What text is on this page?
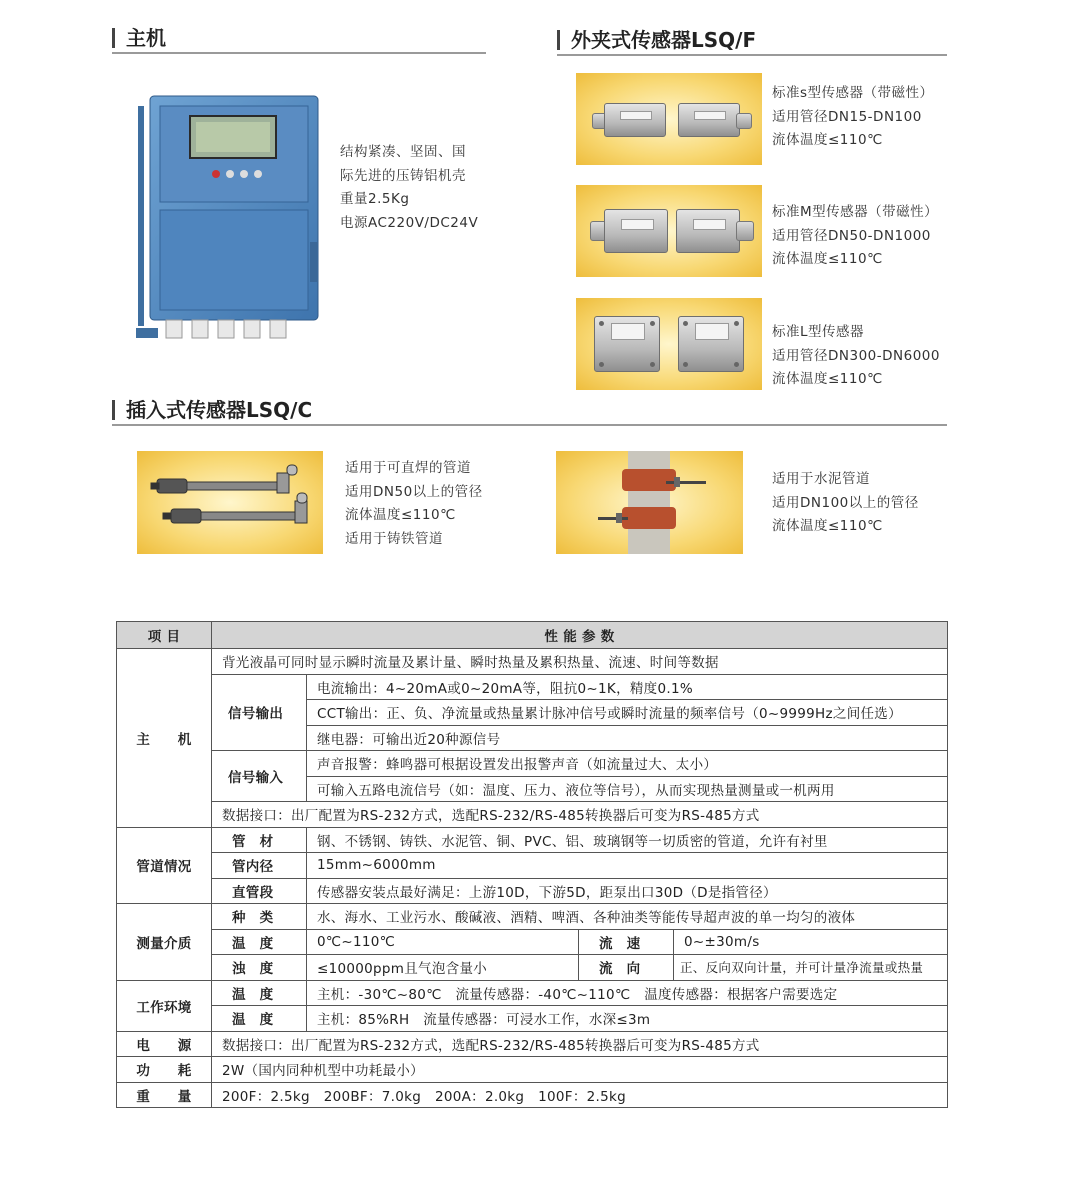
主机	外夹式传感器LSQ/F
结构紧凑、坚固、国
际先进的压铸铝机壳
重量2.5Kg
电源AC220V/DC24V
标准s型传感器（带磁性）
适用管径DN15-DN100
流体温度≤110℃
标准M型传感器（带磁性）
适用管径DN50-DN1000
流体温度≤110℃
标准L型传感器
适用管径DN300-DN6000
流体温度≤110℃
插入式传感器LSQ/C
适用于可直焊的管道
适用DN50以上的管径
流体温度≤110℃
适用于铸铁管道
适用于水泥管道
适用DN100以上的管径
流体温度≤110℃
项 目	性 能 参 数			
主　　机	背光液晶可同时显示瞬时流量及累计量、瞬时热量及累积热量、流速、时间等数据			
	信号输出	电流输出：4~20mA或0~20mA等，阻抗0~1K，精度0.1%		
		CCT输出：正、负、净流量或热量累计脉冲信号或瞬时流量的频率信号（0~9999Hz之间任选）		
		继电器：可输出近20种源信号		
	信号输入	声音报警：蜂鸣器可根据设置发出报警声音（如流量过大、太小）		
		可输入五路电流信号（如：温度、压力、液位等信号），从而实现热量测量或一机两用		
	数据接口：出厂配置为RS-232方式，选配RS-232/RS-485转换器后可变为RS-485方式			
管道情况	管　材	钢、不锈钢、铸铁、水泥管、铜、PVC、铝、玻璃钢等一切质密的管道，允许有衬里		
	管内径	15mm~6000mm		
	直管段	传感器安装点最好满足：上游10D，下游5D，距泵出口30D（D是指管径）		
测量介质	种　类	水、海水、工业污水、酸碱液、酒精、啤酒、各种油类等能传导超声波的单一均匀的液体		
	温　度	0℃~110℃	流　速	0~±30m/s
	浊　度	≤10000ppm且气泡含量小	流　向	正、反向双向计量，并可计量净流量或热量
工作环境	温　度	主机：-30℃~80℃　流量传感器：-40℃~110℃　温度传感器：根据客户需要选定		
	温　度	主机：85%RH　流量传感器：可浸水工作，水深≤3m		
电　　源	数据接口：出厂配置为RS-232方式，选配RS-232/RS-485转换器后可变为RS-485方式			
功　　耗	2W（国内同种机型中功耗最小）			
重　　量	200F：2.5kg　200BF：7.0kg　200A：2.0kg　100F：2.5kg			
